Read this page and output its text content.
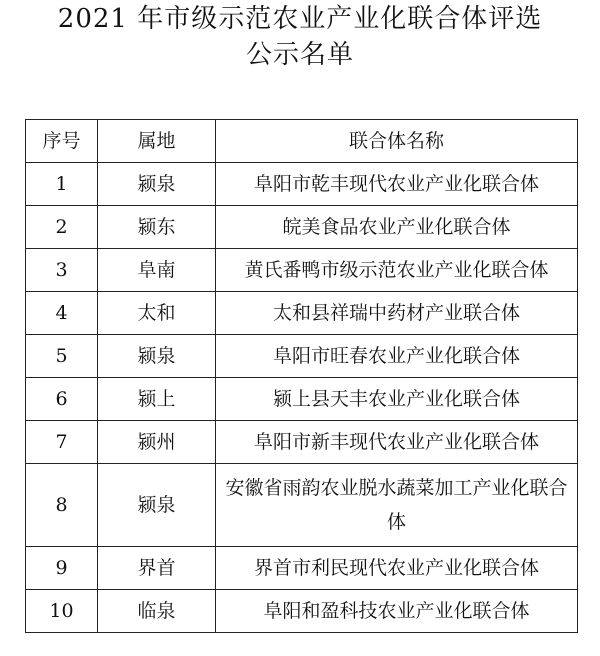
2021 年市级示范农业产业化联合体评选
公示名单
序号	属地	联合体名称
1	颍泉	阜阳市乾丰现代农业产业化联合体
2	颍东	皖美食品农业产业化联合体
3	阜南	黄氏番鸭市级示范农业产业化联合体
4	太和	太和县祥瑞中药材产业联合体
5	颍泉	阜阳市旺春农业产业化联合体
6	颍上	颍上县天丰农业产业化联合体
7	颍州	阜阳市新丰现代农业产业化联合体
8	颍泉	安徽省雨韵农业脱水蔬菜加工产业化联合体
9	界首	界首市利民现代农业产业化联合体
10	临泉	阜阳和盈科技农业产业化联合体
